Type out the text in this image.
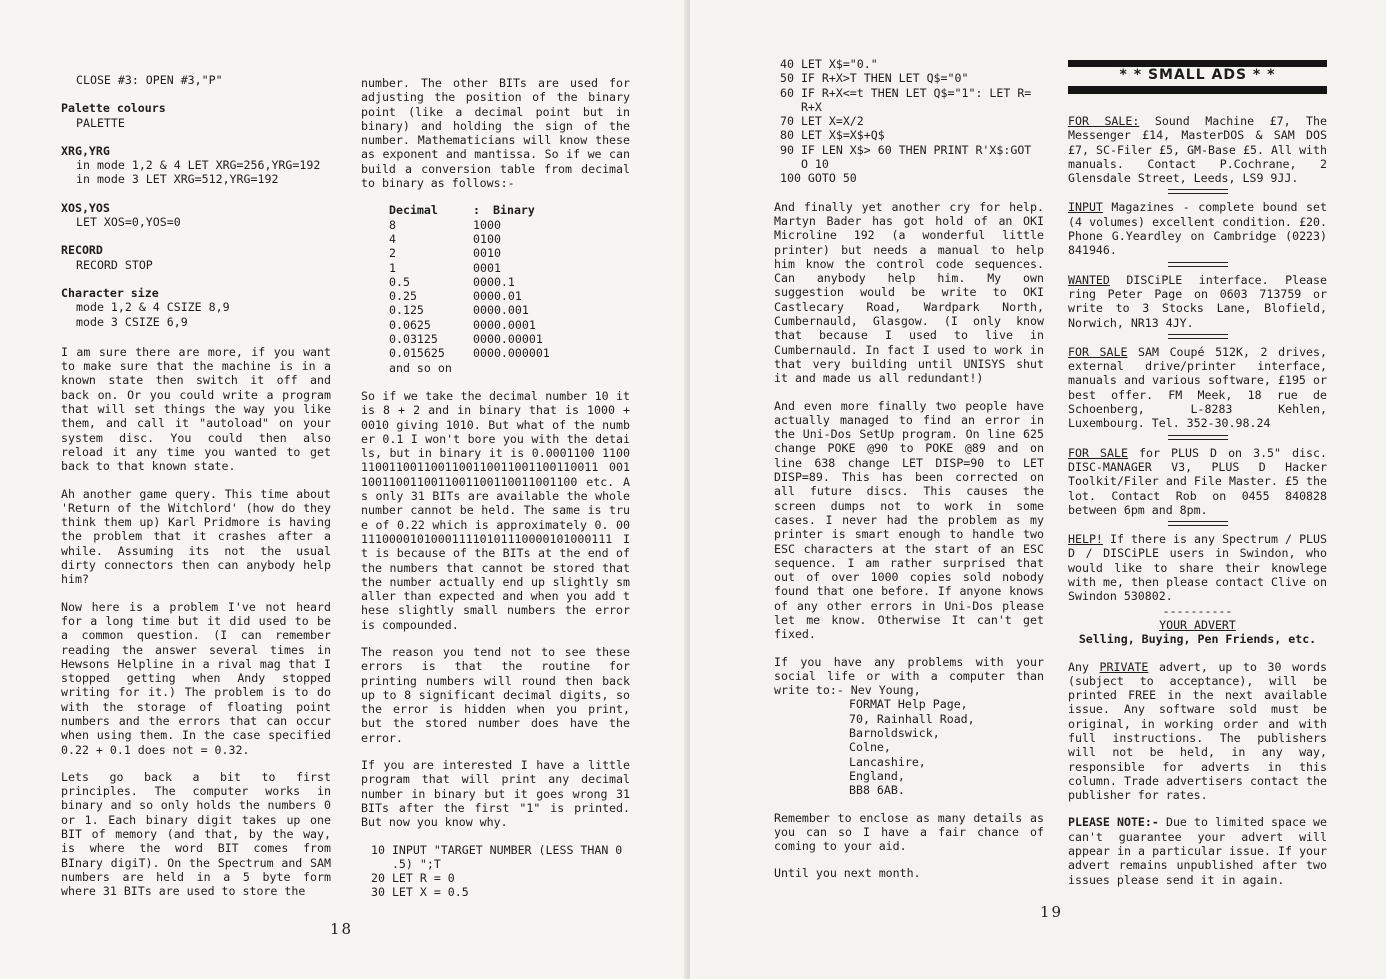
CLOSE #3: OPEN #3,"P"
Palette colours
PALETTE
XRG,YRG
in mode 1,2 & 4 LET XRG=256,YRG=192
in mode 3 LET XRG=512,YRG=192
XOS,YOS
LET XOS=0,YOS=0
RECORD
RECORD STOP
Character size
mode 1,2 & 4 CSIZE 8,9
mode 3 CSIZE 6,9

I am sure there are more, if you want to make sure that the machine is in a known state then switch it off and back on. Or you could write a program that will set things the way you like them, and call it "autoload" on your system disc. You could then also reload it any time you wanted to get back to that known state.

Ah another game query. This time about 'Return of the Witchlord' (how do they think them up) Karl Pridmore is having the problem that it crashes after a while. Assuming its not the usual dirty connectors then can anybody help him?

Now here is a problem I've not heard for a long time but it did used to be a common question. (I can remember reading the answer several times in Hewsons Helpline in a rival mag that I stopped getting when Andy stopped writing for it.) The problem is to do with the storage of floating point numbers and the errors that can occur when using them. In the case specified 0.22 + 0.1 does not = 0.32.

Lets go back a bit to first principles. The computer works in binary and so only holds the numbers 0 or 1. Each binary digit takes up one BIT of memory (and that, by the way, is where the word BIT comes from BInary digiT). On the Spectrum and SAM numbers are held in a 5 byte form where 31 BITs are used to store the

number. The other BITs are used for adjusting the position of the binary point (like a decimal point but in binary) and holding the sign of the number. Mathematicians will know these as exponent and mantissa. So if we can build a conversion table from decimal to binary as follows:-

Decimal	:	Binary
8	1000
4	0100
2	0010
1	0001
0.5	0000.1
0.25	0000.01
0.125	0000.001
0.0625	0000.0001
0.03125	0000.00001
0.015625	0000.000001
and so on

So if we take the decimal number 10 it is 8 + 2 and in binary that is 1000 + 0010 giving 1010. But what of the number 0.1 I won't bore you with the details, but in binary it is 0.0001100 11001100110011001100110011001100110011 0011001100110011001100110011001100 etc. As only 31 BITs are available the whole number cannot be held. The same is true of 0.22 which is approximately 0. 00111000010100011110101110000101000111 It is because of the BITs at the end of the numbers that cannot be stored that the number actually end up slightly smaller than expected and when you add these slightly small numbers the error is compounded.

The reason you tend not to see these errors is that the routine for printing numbers will round then back up to 8 significant decimal digits, so the error is hidden when you print, but the stored number does have the error.

If you are interested I have a little program that will print any decimal number in binary but it goes wrong 31 BITs after the first "1" is printed. But now you know why.

10 INPUT "TARGET NUMBER (LESS THAN 0
.5) ";T
20 LET R = 0
30 LET X = 0.5
18
40 LET X$="0."
50 IF R+X>T THEN LET Q$="0"
60 IF R+X<=t THEN LET Q$="1": LET R=
R+X
70 LET X=X/2
80 LET X$=X$+Q$
90 IF LEN X$> 60 THEN PRINT R'X$:GOT
O 10
100 GOTO 50

And finally yet another cry for help. Martyn Bader has got hold of an OKI Microline 192 (a wonderful little printer) but needs a manual to help him know the control code sequences. Can anybody help him. My own suggestion would be write to OKI Castlecary Road, Wardpark North, Cumbernauld, Glasgow. (I only know that because I used to live in Cumbernauld. In fact I used to work in that very building until UNISYS shut it and made us all redundant!)

And even more finally two people have actually managed to find an error in the Uni-Dos SetUp program. On line 625 change POKE @90 to POKE @89 and on line 638 change LET DISP=90 to LET DISP=89. This has been corrected on all future discs. This causes the screen dumps not to work in some cases. I never had the problem as my printer is smart enough to handle two ESC characters at the start of an ESC sequence. I am rather surprised that out of over 1000 copies sold nobody found that one before. If anyone knows of any other errors in Uni-Dos please let me know. Otherwise It can't get fixed.

If you have any problems with your social life or with a computer than write to:- Nev Young,

FORMAT Help Page,
70, Rainhall Road,
Barnoldswick,
Colne,
Lancashire,
England,
BB8 6AB.

Remember to enclose as many details as you can so I have a fair chance of coming to your aid.

Until you next month.

* * SMALL ADS * *

FOR SALE: Sound Machine £7, The Messenger £14, MasterDOS & SAM DOS £7, SC-Filer £5, GM-Base £5. All with manuals. Contact P.Cochrane, 2 Glensdale Street, Leeds, LS9 9JJ.

INPUT Magazines - complete bound set (4 volumes) excellent condition. £20. Phone G.Yeardley on Cambridge (0223) 841946.

WANTED DISCiPLE interface. Please ring Peter Page on 0603 713759 or write to 3 Stocks Lane, Blofield, Norwich, NR13 4JY.

FOR SALE SAM Coupé 512K, 2 drives, external drive/printer interface, manuals and various software, £195 or best offer. FM Meek, 18 rue de Schoenberg, L-8283 Kehlen, Luxembourg. Tel. 352-30.98.24

FOR SALE for PLUS D on 3.5" disc. DISC-MANAGER V3, PLUS D Hacker Toolkit/Filer and File Master. £5 the lot. Contact Rob on 0455 840828 between 6pm and 8pm.

HELP! If there is any Spectrum / PLUS D / DISCiPLE users in Swindon, who would like to share their knowlege with me, then please contact Clive on Swindon 530802.

----------
YOUR ADVERT
Selling, Buying, Pen Friends, etc.

Any PRIVATE advert, up to 30 words (subject to acceptance), will be printed FREE in the next available issue. Any software sold must be original, in working order and with full instructions. The publishers will not be held, in any way, responsible for adverts in this column. Trade advertisers contact the publisher for rates.

PLEASE NOTE:- Due to limited space we can't guarantee your advert will appear in a particular issue. If your advert remains unpublished after two issues please send it in again.

19
